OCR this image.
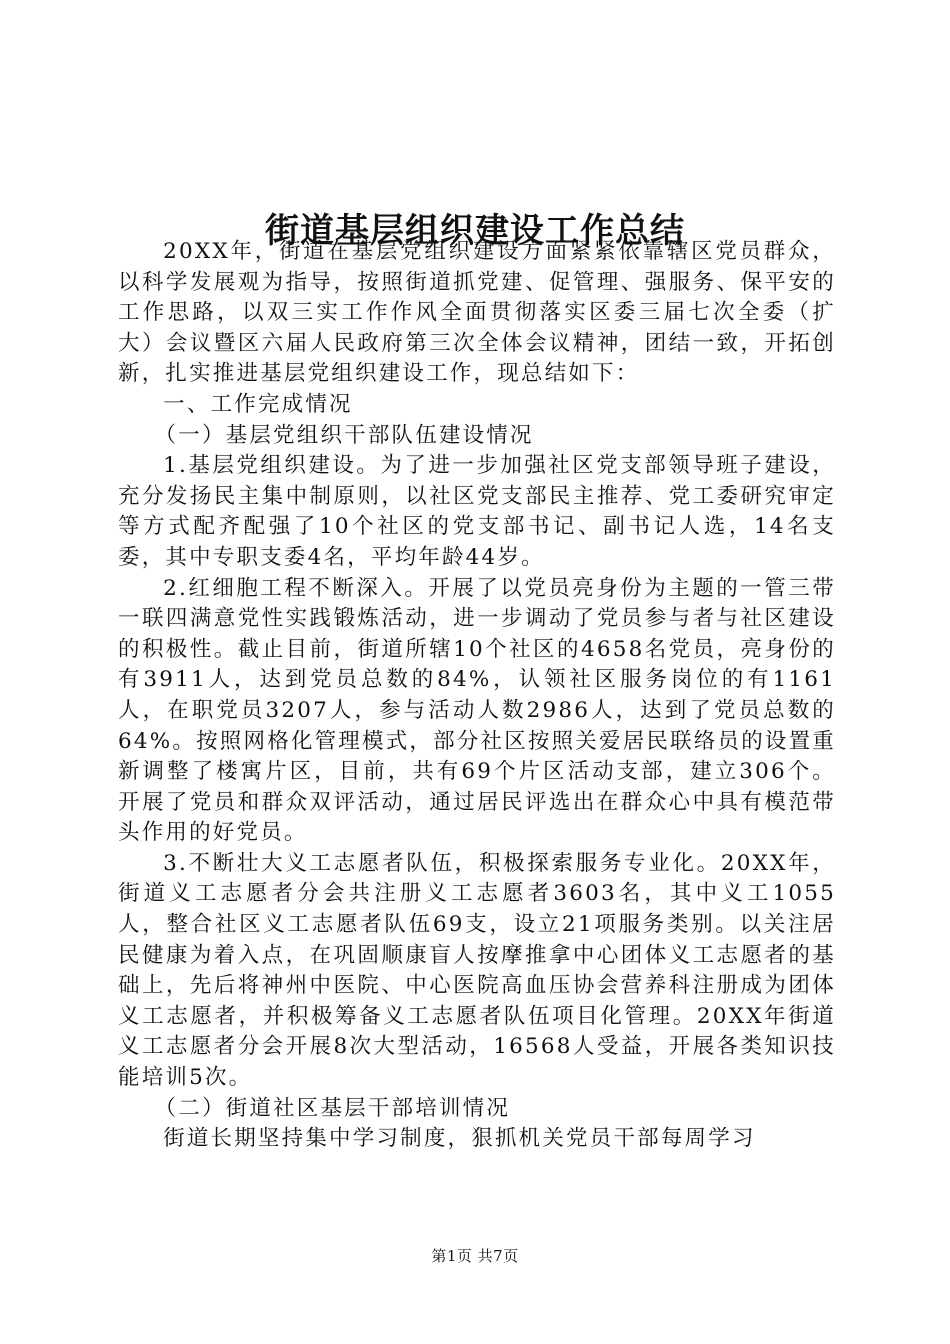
街道基层组织建设工作总结

20XX年，街道在基层党组织建设方面紧紧依靠辖区党员群众，以科学发展观为指导，按照街道抓党建、促管理、强服务、保平安的工作思路，以双三实工作作风全面贯彻落实区委三届七次全委（扩大）会议暨区六届人民政府第三次全体会议精神，团结一致，开拓创新，扎实推进基层党组织建设工作，现总结如下：

一、工作完成情况

（一）基层党组织干部队伍建设情况

1.基层党组织建设。为了进一步加强社区党支部领导班子建设，充分发扬民主集中制原则，以社区党支部民主推荐、党工委研究审定等方式配齐配强了10个社区的党支部书记、副书记人选，14名支委，其中专职支委4名，平均年龄44岁。

2.红细胞工程不断深入。开展了以党员亮身份为主题的一管三带一联四满意党性实践锻炼活动，进一步调动了党员参与者与社区建设的积极性。截止目前，街道所辖10个社区的4658名党员，亮身份的有3911人，达到党员总数的84%，认领社区服务岗位的有1161人，在职党员3207人，参与活动人数2986人，达到了党员总数的64%。按照网格化管理模式，部分社区按照关爱居民联络员的设置重新调整了楼寓片区，目前，共有69个片区活动支部，建立306个。开展了党员和群众双评活动，通过居民评选出在群众心中具有模范带头作用的好党员。

3.不断壮大义工志愿者队伍，积极探索服务专业化。20XX年，街道义工志愿者分会共注册义工志愿者3603名，其中义工1055人，整合社区义工志愿者队伍69支，设立21项服务类别。以关注居民健康为着入点，在巩固顺康盲人按摩推拿中心团体义工志愿者的基础上，先后将神州中医院、中心医院高血压协会营养科注册成为团体义工志愿者，并积极筹备义工志愿者队伍项目化管理。20XX年街道义工志愿者分会开展8次大型活动，16568人受益，开展各类知识技能培训5次。

（二）街道社区基层干部培训情况

街道长期坚持集中学习制度，狠抓机关党员干部每周学习

第1页 共7页
